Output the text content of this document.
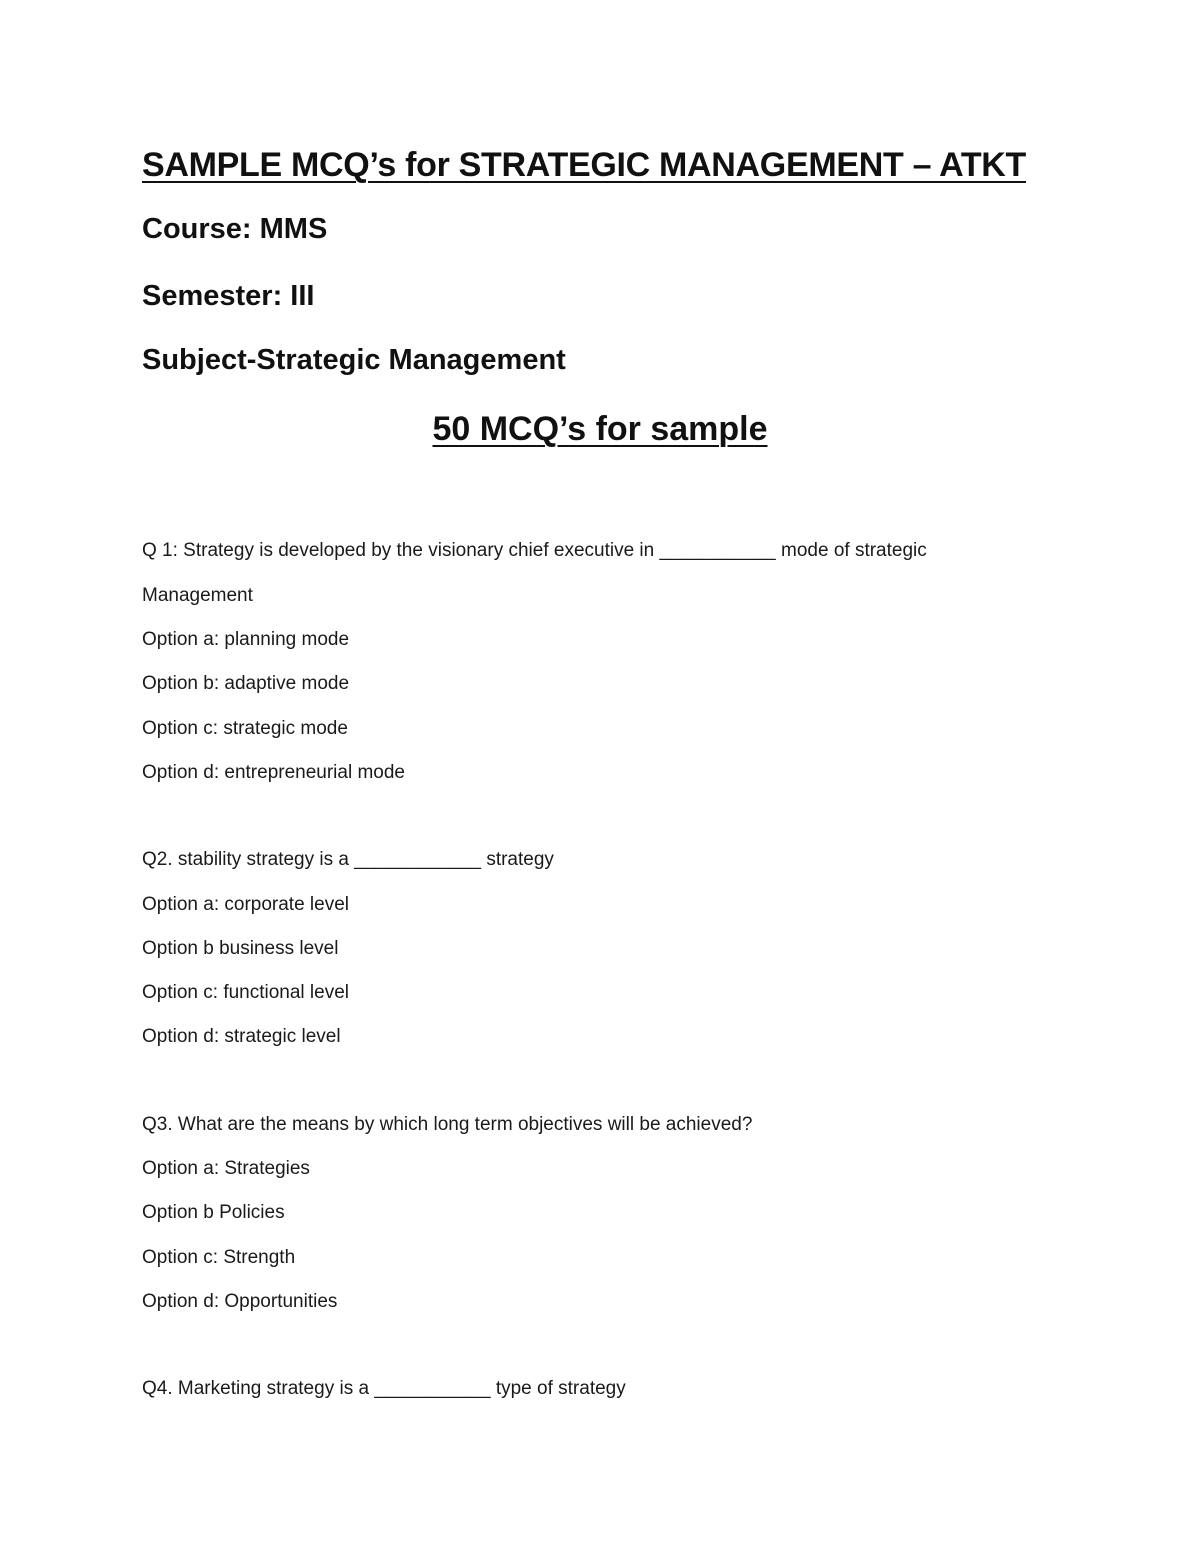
SAMPLE MCQ’s for STRATEGIC MANAGEMENT – ATKT
Course: MMS
Semester: III
Subject-Strategic Management
50 MCQ’s for sample

Q 1: Strategy is developed by the visionary chief executive in ___________ mode of strategic

Management

Option a: planning mode

Option b: adaptive mode

Option c: strategic mode

Option d: entrepreneurial mode

Q2. stability strategy is a ____________ strategy

Option a: corporate level

Option b business level

Option c: functional level

Option d: strategic level

Q3. What are the means by which long term objectives will be achieved?

Option a: Strategies

Option b Policies

Option c: Strength

Option d: Opportunities

Q4. Marketing strategy is a ___________ type of strategy
